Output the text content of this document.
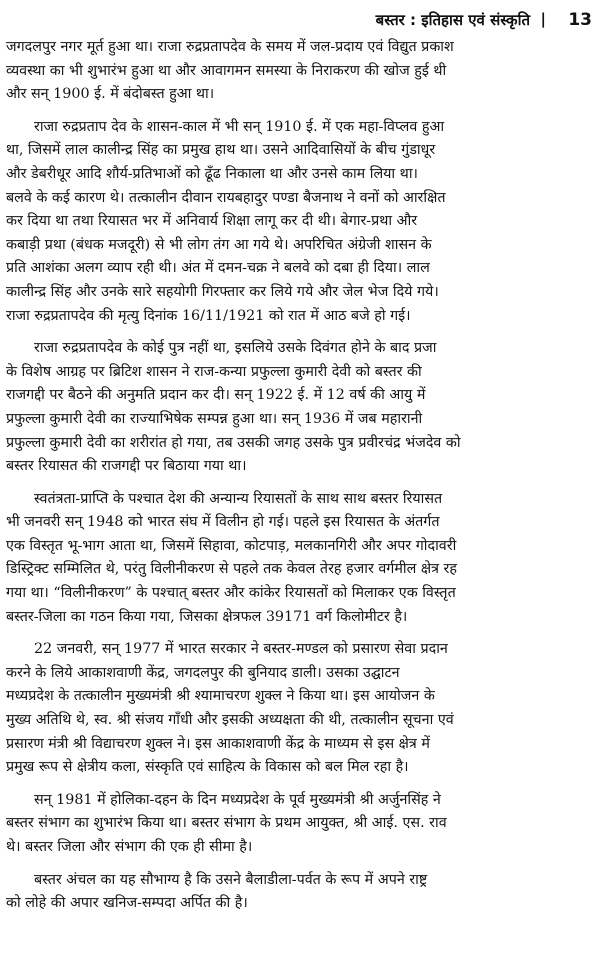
बस्तर : इतिहास एवं संस्कृति | 13
जगदलपुर नगर मूर्त हुआ था। राजा रुद्रप्रतापदेव के समय में जल-प्रदाय एवं विद्युत प्रकाश
व्यवस्था का भी शुभारंभ हुआ था और आवागमन समस्या के निराकरण की खोज हुई थी
और सन् 1900 ई. में बंदोबस्त हुआ था।
राजा रुद्रप्रताप देव के शासन-काल में भी सन् 1910 ई. में एक महा-विप्लव हुआ
था, जिसमें लाल कालीन्द्र सिंह का प्रमुख हाथ था। उसने आदिवासियों के बीच गुंडाधूर
और डेबरीधूर आदि शौर्य-प्रतिभाओं को ढूँढ निकाला था और उनसे काम लिया था।
बलवे के कई कारण थे। तत्कालीन दीवान रायबहादुर पण्डा बैजनाथ ने वनों को आरक्षित
कर दिया था तथा रियासत भर में अनिवार्य शिक्षा लागू कर दी थी। बेगार-प्रथा और
कबाड़ी प्रथा (बंधक मजदूरी) से भी लोग तंग आ गये थे। अपरिचित अंग्रेजी शासन के
प्रति आशंका अलग व्याप रही थी। अंत में दमन-चक्र ने बलवे को दबा ही दिया। लाल
कालीन्द्र सिंह और उनके सारे सहयोगी गिरफ्तार कर लिये गये और जेल भेज दिये गये।
राजा रुद्रप्रतापदेव की मृत्यु दिनांक 16/11/1921 को रात में आठ बजे हो गई।
राजा रुद्रप्रतापदेव के कोई पुत्र नहीं था, इसलिये उसके दिवंगत होने के बाद प्रजा
के विशेष आग्रह पर ब्रिटिश शासन ने राज-कन्या प्रफुल्ला कुमारी देवी को बस्तर की
राजगद्दी पर बैठने की अनुमति प्रदान कर दी। सन् 1922 ई. में 12 वर्ष की आयु में
प्रफुल्ला कुमारी देवी का राज्याभिषेक सम्पन्न हुआ था। सन् 1936 में जब महारानी
प्रफुल्ला कुमारी देवी का शरीरांत हो गया, तब उसकी जगह उसके पुत्र प्रवीरचंद्र भंजदेव को
बस्तर रियासत की राजगद्दी पर बिठाया गया था।
स्वतंत्रता-प्राप्ति के पश्चात देश की अन्यान्य रियासतों के साथ साथ बस्तर रियासत
भी जनवरी सन् 1948 को भारत संघ में विलीन हो गई। पहले इस रियासत के अंतर्गत
एक विस्तृत भू-भाग आता था, जिसमें सिहावा, कोटपाड़, मलकानगिरी और अपर गोदावरी
डिस्ट्रिक्ट सम्मिलित थे, परंतु विलीनीकरण से पहले तक केवल तेरह हजार वर्गमील क्षेत्र रह
गया था। “विलीनीकरण” के पश्चात् बस्तर और कांकेर रियासतों को मिलाकर एक विस्तृत
बस्तर-जिला का गठन किया गया, जिसका क्षेत्रफल 39171 वर्ग किलोमीटर है।
22 जनवरी, सन् 1977 में भारत सरकार ने बस्तर-मण्डल को प्रसारण सेवा प्रदान
करने के लिये आकाशवाणी केंद्र, जगदलपुर की बुनियाद डाली। उसका उद्घाटन
मध्यप्रदेश के तत्कालीन मुख्यमंत्री श्री श्यामाचरण शुक्ल ने किया था। इस आयोजन के
मुख्य अतिथि थे, स्व. श्री संजय गाँधी और इसकी अध्यक्षता की थी, तत्कालीन सूचना एवं
प्रसारण मंत्री श्री विद्याचरण शुक्ल ने। इस आकाशवाणी केंद्र के माध्यम से इस क्षेत्र में
प्रमुख रूप से क्षेत्रीय कला, संस्कृति एवं साहित्य के विकास को बल मिल रहा है।
सन् 1981 में होलिका-दहन के दिन मध्यप्रदेश के पूर्व मुख्यमंत्री श्री अर्जुनसिंह ने
बस्तर संभाग का शुभारंभ किया था। बस्तर संभाग के प्रथम आयुक्त, श्री आई. एस. राव
थे। बस्तर जिला और संभाग की एक ही सीमा है।
बस्तर अंचल का यह सौभाग्य है कि उसने बैलाडीला-पर्वत के रूप में अपने राष्ट्र
को लोहे की अपार खनिज-सम्पदा अर्पित की है।
